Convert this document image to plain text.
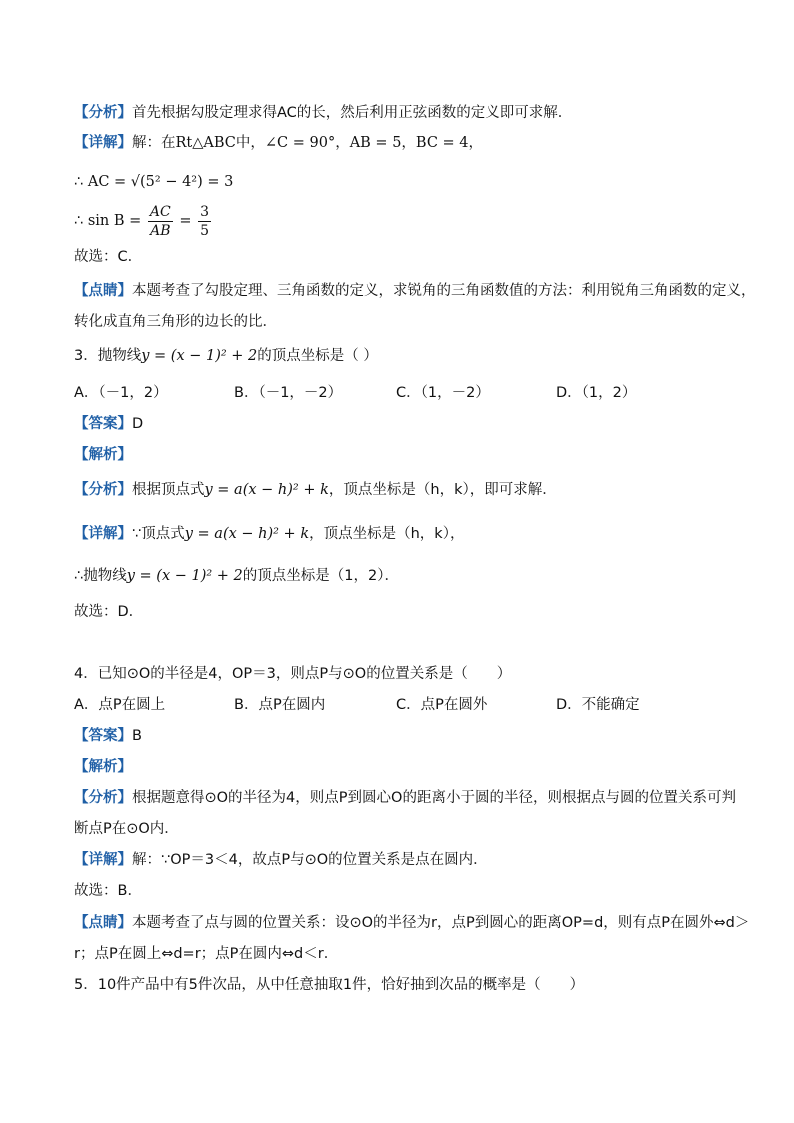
【分析】首先根据勾股定理求得AC的长，然后利用正弦函数的定义即可求解．
【详解】解：在Rt△ABC中，∠C = 90°，AB = 5，BC = 4，
∴ AC = √(5² − 4²) = 3
∴ $\sin B = \frac{AC}{AB} = \frac{3}{5}$
故选：C．
【点睛】本题考查了勾股定理、三角函数的定义，求锐角的三角函数值的方法：利用锐角三角函数的定义，
转化成直角三角形的边长的比．
3．抛物线y = (x − 1)² + 2的顶点坐标是（ ）
A．（－1，2）	B．（－1，－2）	C．（1，－2）	D．（1，2）
【答案】D
【解析】
【分析】根据顶点式y = a(x − h)² + k，顶点坐标是（h，k），即可求解．
【详解】∵顶点式y = a(x − h)² + k，顶点坐标是（h，k），
∴抛物线y = (x − 1)² + 2的顶点坐标是（1，2）．
故选：D．
4．已知⊙O的半径是4，OP＝3，则点P与⊙O的位置关系是（　　）
A．点P在圆上	B．点P在圆内	C．点P在圆外	D．不能确定
【答案】B
【解析】
【分析】根据题意得⊙O的半径为4，则点P到圆心O的距离小于圆的半径，则根据点与圆的位置关系可判
断点P在⊙O内．
【详解】解：∵OP＝3＜4，故点P与⊙O的位置关系是点在圆内．
故选：B．
【点睛】本题考查了点与圆的位置关系：设⊙O的半径为r，点P到圆心的距离OP=d，则有点P在圆外⇔d＞
r；点P在圆上⇔d=r；点P在圆内⇔d＜r．
5．10件产品中有5件次品，从中任意抽取1件，恰好抽到次品的概率是（　　）
